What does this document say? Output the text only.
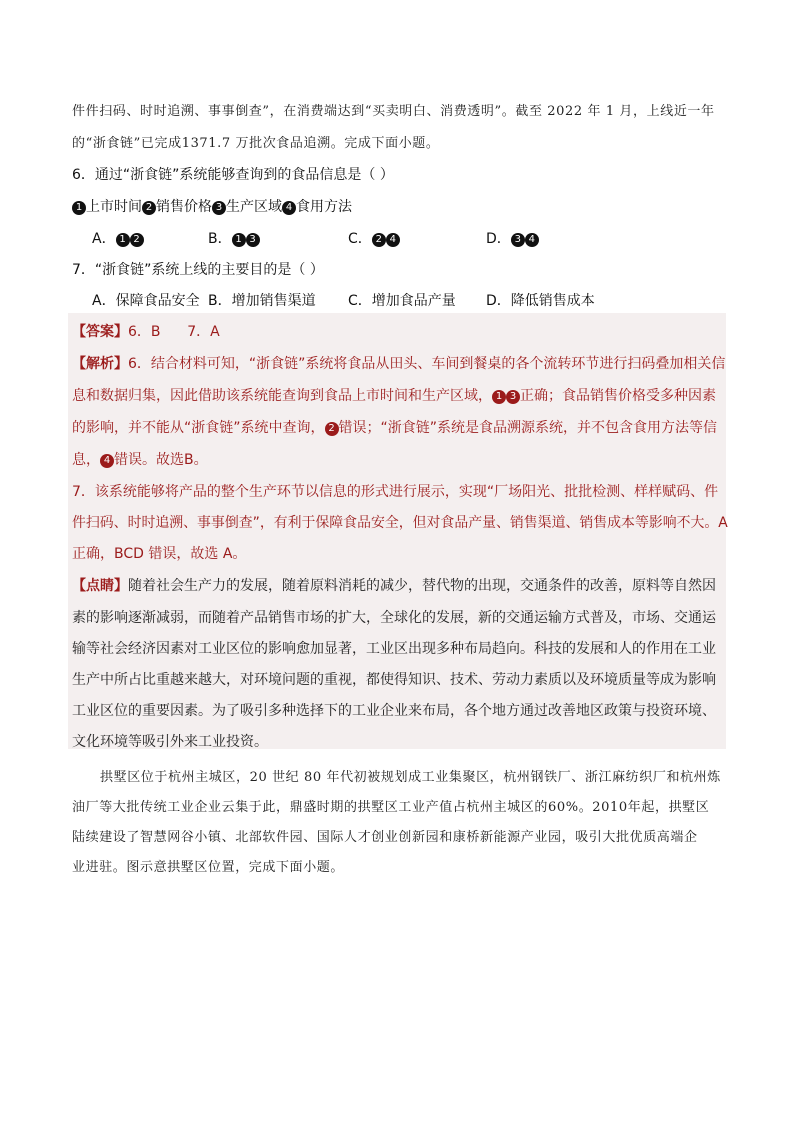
件件扫码、时时追溯、事事倒查”，在消费端达到“买卖明白、消费透明”。截至 2022 年 1 月，上线近一年
的“浙食链”已完成1371.7 万批次食品追溯。完成下面小题。
6．通过“浙食链”系统能够查询到的食品信息是（ ）
1 上市时间 2 销售价格 3 生产区域 4 食用方法
A． 1 2	B． 1 3	C． 2 4	D． 3 4
7．“浙食链”系统上线的主要目的是（ ）
A．保障食品安全 B．增加销售渠道 C．增加食品产量 D．降低销售成本
【答案】6．B      7．A
【解析】6．结合材料可知，“浙食链”系统将食品从田头、车间到餐桌的各个流转环节进行扫码叠加相关信
息和数据归集，因此借助该系统能查询到食品上市时间和生产区域， 1 3 正确；食品销售价格受多种因素
的影响，并不能从“浙食链”系统中查询， 2 错误；“浙食链”系统是食品溯源系统，并不包含食用方法等信
息， 4 错误。故选B。
7．该系统能够将产品的整个生产环节以信息的形式进行展示，实现“厂场阳光、批批检测、样样赋码、件
件扫码、时时追溯、事事倒查”，有利于保障食品安全，但对食品产量、销售渠道、销售成本等影响不大。A
正确，BCD 错误，故选 A。
【点睛】随着社会生产力的发展，随着原料消耗的减少，替代物的出现，交通条件的改善，原料等自然因
素的影响逐渐减弱，而随着产品销售市场的扩大，全球化的发展，新的交通运输方式普及，市场、交通运
输等社会经济因素对工业区位的影响愈加显著，工业区出现多种布局趋向。科技的发展和人的作用在工业
生产中所占比重越来越大，对环境问题的重视，都使得知识、技术、劳动力素质以及环境质量等成为影响
工业区位的重要因素。为了吸引多种选择下的工业企业来布局，各个地方通过改善地区政策与投资环境、
文化环境等吸引外来工业投资。
拱墅区位于杭州主城区，20 世纪 80 年代初被规划成工业集聚区，杭州钢铁厂、浙江麻纺织厂和杭州炼
油厂等大批传统工业企业云集于此，鼎盛时期的拱墅区工业产值占杭州主城区的60%。2010年起，拱墅区
陆续建设了智慧网谷小镇、北部软件园、国际人才创业创新园和康桥新能源产业园，吸引大批优质高端企
业进驻。图示意拱墅区位置，完成下面小题。
